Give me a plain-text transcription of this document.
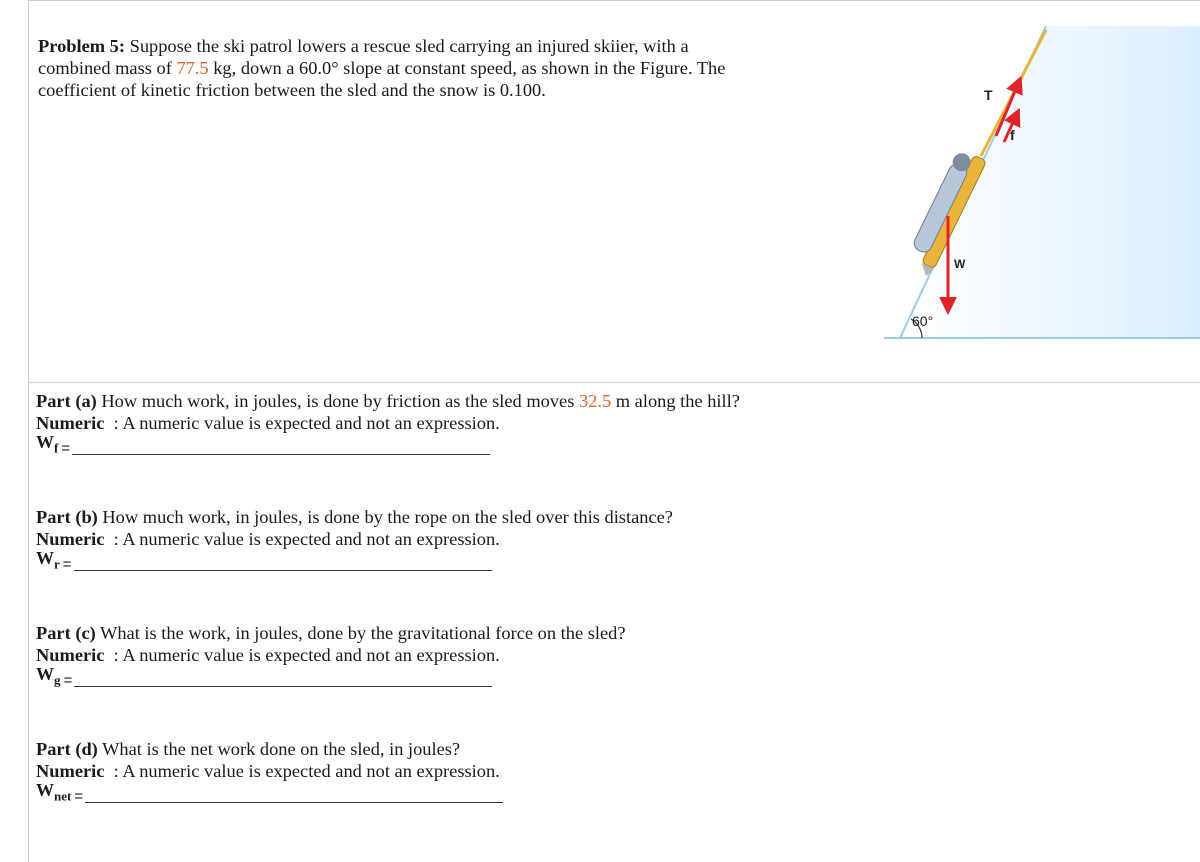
Problem 5: Suppose the ski patrol lowers a rescue sled carrying an injured skiier, with a combined mass of 77.5 kg, down a 60.0° slope at constant speed, as shown in the Figure. The coefficient of kinetic friction between the sled and the snow is 0.100.
60°
T
f
W
Part (a) How much work, in joules, is done by friction as the sled moves 32.5 m along the hill?
Numeric : A numeric value is expected and not an expression.
$W_f$ =
Part (b) How much work, in joules, is done by the rope on the sled over this distance?
Numeric : A numeric value is expected and not an expression.
$W_r$ =
Part (c) What is the work, in joules, done by the gravitational force on the sled?
Numeric : A numeric value is expected and not an expression.
$W_g$ =
Part (d) What is the net work done on the sled, in joules?
Numeric : A numeric value is expected and not an expression.
$W_{net}$ =
